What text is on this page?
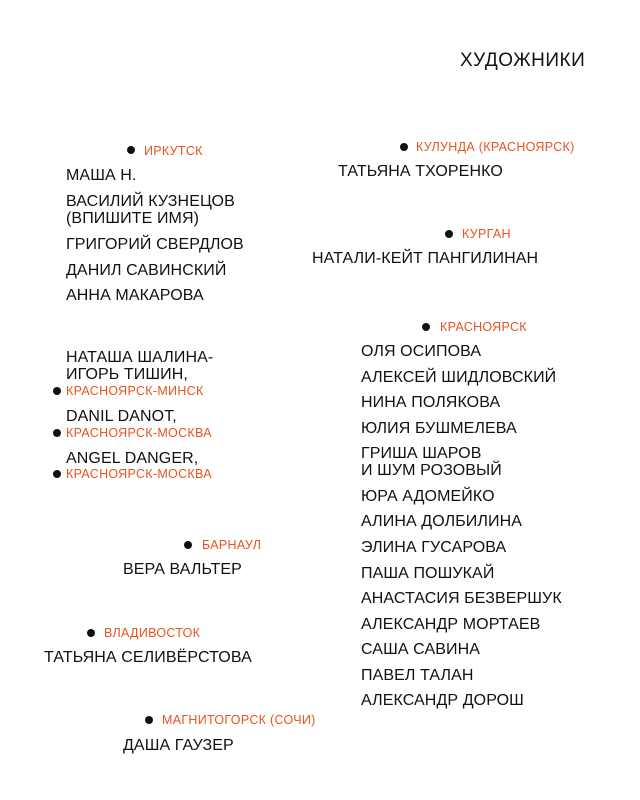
ХУДОЖНИКИ
ИРКУТСК
МАША Н.
ВАСИЛИЙ КУЗНЕЦОВ
(ВПИШИТЕ ИМЯ)
ГРИГОРИЙ СВЕРДЛОВ
ДАНИЛ САВИНСКИЙ
АННА МАКАРОВА
НАТАША ШАЛИНА-
ИГОРЬ ТИШИН,
КРАСНОЯРСК-МИНСК
DANIL DANOT,
КРАСНОЯРСК-МОСКВА
ANGEL DANGER,
КРАСНОЯРСК-МОСКВА
БАРНАУЛ
ВЕРА ВАЛЬТЕР
ВЛАДИВОСТОК
ТАТЬЯНА СЕЛИВЁРСТОВА
МАГНИТОГОРСК (СОЧИ)
ДАША ГАУЗЕР
КУЛУНДА (КРАСНОЯРСК)
ТАТЬЯНА ТХОРЕНКО
КУРГАН
НАТАЛИ-КЕЙТ ПАНГИЛИНАН
КРАСНОЯРСК
ОЛЯ ОСИПОВА
АЛЕКСЕЙ ШИДЛОВСКИЙ
НИНА ПОЛЯКОВА
ЮЛИЯ БУШМЕЛЕВА
ГРИША ШАРОВ
И ШУМ РОЗОВЫЙ
ЮРА АДОМЕЙКО
АЛИНА ДОЛБИЛИНА
ЭЛИНА ГУСАРОВА
ПАША ПОШУКАЙ
АНАСТАСИЯ БЕЗВЕРШУК
АЛЕКСАНДР МОРТАЕВ
САША САВИНА
ПАВЕЛ ТАЛАН
АЛЕКСАНДР ДОРОШ
